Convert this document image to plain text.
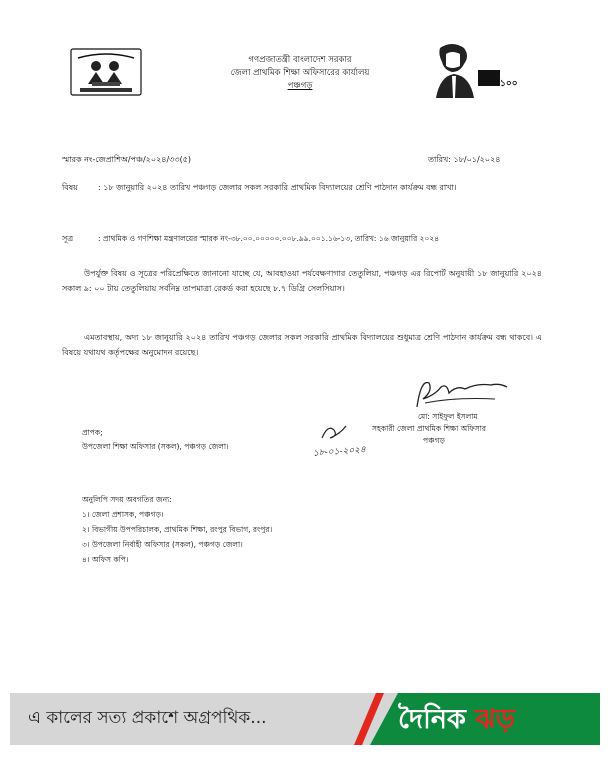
গণপ্রজাতন্ত্রী বাংলাদেশ সরকার
জেলা প্রাথমিক শিক্ষা অফিসারের কার্যালয়
পঞ্চগড়	১০০
স্মারক নং-জেপ্রাশিঅ/পঞ্চ/২০২৪/৩৩(৫)	তারিখ: ১৮/০১/২০২৪
বিষয়	: ১৮ জানুয়ারি ২০২৪ তারিখ পঞ্চগড় জেলার সকল সরকারি প্রাথমিক বিদ্যালয়ের শ্রেণি পাঠদান কার্যক্রম বন্ধ রাখা।
সূত্র	: প্রাথমিক ও গণশিক্ষা মন্ত্রণালয়ের স্মারক নং-৩৮.০০.০০০০০.০০৮.৯৯.০০১.১৬-১৩, তারিখ: ১৬ জানুয়ারি ২০২৪

উপর্যুক্ত বিষয় ও সূত্রের পরিপ্রেক্ষিতে জানানো যাচ্ছে যে, আবহাওয়া পর্যবেক্ষণাগার তেতুলিয়া, পঞ্চগড় এর রিপোর্ট অনুযায়ী ১৮ জানুয়ারি ২০২৪ সকাল ৯: ০০ টায় তেতুলিয়ায় সর্বনিম্ন তাপমাত্রা রেকর্ড করা হয়েছে ৮.৭ ডিগ্রি সেলসিয়াস।

এমতাবস্থায়, অদ্য ১৮ জানুয়ারি ২০২৪ তারিখ পঞ্চগড় জেলার সকল সরকারি প্রাথমিক বিদ্যালয়ের শুধুমাত্র শ্রেণি পাঠদান কার্যক্রম বন্ধ থাকবে। এ বিষয়ে যথাযথ কর্তৃপক্ষের অনুমোদন রয়েছে।

মো: সাইফুল ইসলাম
সহকারী জেলা প্রাথমিক শিক্ষা অফিসার
পঞ্চগড়
১৮-০১-২০২৪
প্রাপক;
উপজেলা শিক্ষা অফিসার (সকল), পঞ্চগড় জেলা।
অনুলিপি সদয় অবগতির জন্য:
১। জেলা প্রশাসক, পঞ্চগড়।
২। বিভাগীয় উপপরিচালক, প্রাথমিক শিক্ষা, রংপুর বিভাগ, রংপুর।
৩। উপজেলা নির্বাহী অফিসার (সকল), পঞ্চগড় জেলা।
৪। অফিস কপি।
এ কালের সত্য প্রকাশে অগ্রপথিক...	দৈনিক ঝড়
